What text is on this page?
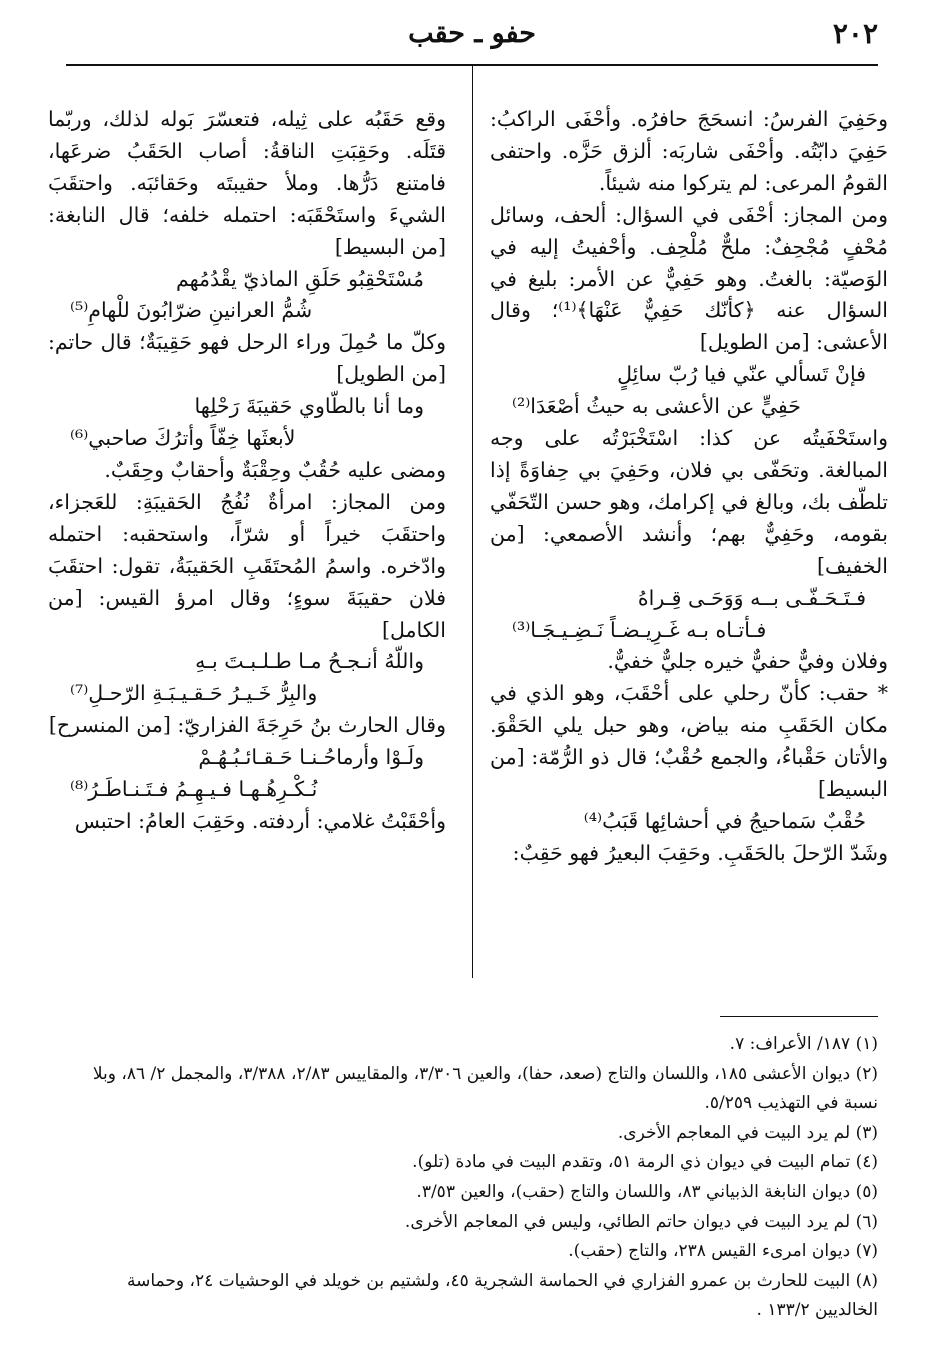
٢٠٢
حفو ـ حقب

وحَفِيَ الفرسُ: انسحَجَ حافرُه. وأحْفَى الراكبُ: حَفِيَ دابّتُه. وأحْفَى شاربَه: ألزق حَزَّه. واحتفى القومُ المرعى: لم يتركوا منه شيئاً.

ومن المجاز: أحْفَى في السؤال: ألحف، وسائل مُحْفٍ مُجْحِفٌ: ملحٌّ مُلْحِف. وأحْفيتُ إليه في الوَصيّة: بالغتُ. وهو حَفِيٌّ عن الأمر: بليغ في السؤال عنه ﴿كأنّك حَفِيٌّ عَنْهَا﴾⁽¹⁾؛ وقال الأعشى: [من الطويل]

فإنْ تَسألي عنّي فيا رُبّ سائِلٍ
حَفِيٍّ عن الأعشى به حيثُ أصْعَدَا⁽²⁾

واستَحْفَيتُه عن كذا: اسْتَخْبَرْتُه على وجه المبالغة. وتحَفّى بي فلان، وحَفِيَ بي حِفاوَةً إذا تلطّف بك، وبالغ في إكرامك، وهو حسن التّحَفّي بقومه، وحَفِيٌّ بهم؛ وأنشد الأصمعي: [من الخفيف]

فـتَـحَـفّـى بــه وَوَحَـى قِـراهُ
فـأتـاه بـه غَـرِيـضـاً نَـضِـيـجَـا⁽³⁾

وفلان وفيٌّ حفيٌّ خيره جليٌّ خفيٌّ.

* حقب: كأنّ رحلي على أحْقَبَ، وهو الذي في مكان الحَقَبِ منه بياض، وهو حبل يلي الحَقْوَ. والأتان حَقْباءُ، والجمع حُقْبٌ؛ قال ذو الرُّمّة: [من البسيط]

حُقْبٌ سَماحيجُ في أحشائِها قَبَبُ⁽⁴⁾

وشَدّ الرّحلَ بالحَقَبِ. وحَقِبَ البعيرُ فهو حَقِبٌ:

وقع حَقَبُه على ثِيله، فتعسّرَ بَوله لذلك، وربّما قتَلَه. وحَقِبَتِ الناقةُ: أصاب الحَقَبُ ضرعَها، فامتنع دَرُّها. وملأ حقيبتَه وحَقائبَه. واحتقَبَ الشيءَ واستَحْقَبَه: احتمله خلفه؛ قال النابغة: [من البسيط]

مُسْتَحْقِبُو حَلَقِ الماذيّ يقْدُمُهم
شُمُّ العرانينِ ضرّابُونَ للْهامِ⁽⁵⁾

وكلّ ما حُمِلَ وراء الرحل فهو حَقِيبَةٌ؛ قال حاتم: [من الطويل]

وما أنا بالطّاوي حَقيبَةَ رَحْلِها
لأبعثَها خِفّاً وأترُكَ صاحبي⁽⁶⁾

ومضى عليه حُقُبٌ وحِقْبَةٌ وأحقابٌ وحِقَبٌ.

ومن المجاز: امرأةٌ نُفُجُ الحَقيبَةِ: للعَجزاء، واحتقَبَ خيراً أو شرّاً، واستحقبه: احتمله وادّخره. واسمُ المُحتَقَبِ الحَقيبَةُ، تقول: احتقَبَ فلان حقيبَةَ سوءٍ؛ وقال امرؤ القيس: [من الكامل]

واللّهُ أنـجـحُ مـا طـلـبـتَ بـهِ
والبِرُّ خَـيـرُ حَـقـيـبَـةِ الرّحـلِ⁽⁷⁾

وقال الحارث بنُ حَرِجَةَ الفزاريّ: [من المنسرح]

ولَـوْا وأرماحُـنـا حَـقـائـبُـهُـمْ
نُـكْـرِهُـهـا فـيـهِـمُ فـتَـنـاطَـرُ⁽⁸⁾

وأحْقَبْتُ غلامي: أردفته. وحَقِبَ العامُ: احتبس

(١) ١٨٧/ الأعراف: ٧.

(٢) ديوان الأعشى ١٨٥، واللسان والتاج (صعد، حفا)، والعين ٣/٣٠٦، والمقاييس ٢/٨٣، ٣/٣٨٨، والمجمل ٢/ ٨٦، وبلا نسبة في التهذيب ٥/٢٥٩.

(٣) لم يرد البيت في المعاجم الأخرى.

(٤) تمام البيت في ديوان ذي الرمة ٥١، وتقدم البيت في مادة (تلو).

(٥) ديوان النابغة الذبياني ٨٣، واللسان والتاج (حقب)، والعين ٣/٥٣.

(٦) لم يرد البيت في ديوان حاتم الطائي، وليس في المعاجم الأخرى.

(٧) ديوان امرىء القيس ٢٣٨، والتاج (حقب).

(٨) البيت للحارث بن عمرو الفزاري في الحماسة الشجرية ٤٥، ولشتيم بن خويلد في الوحشيات ٢٤، وحماسة الخالديين ١٣٣/٢ .
